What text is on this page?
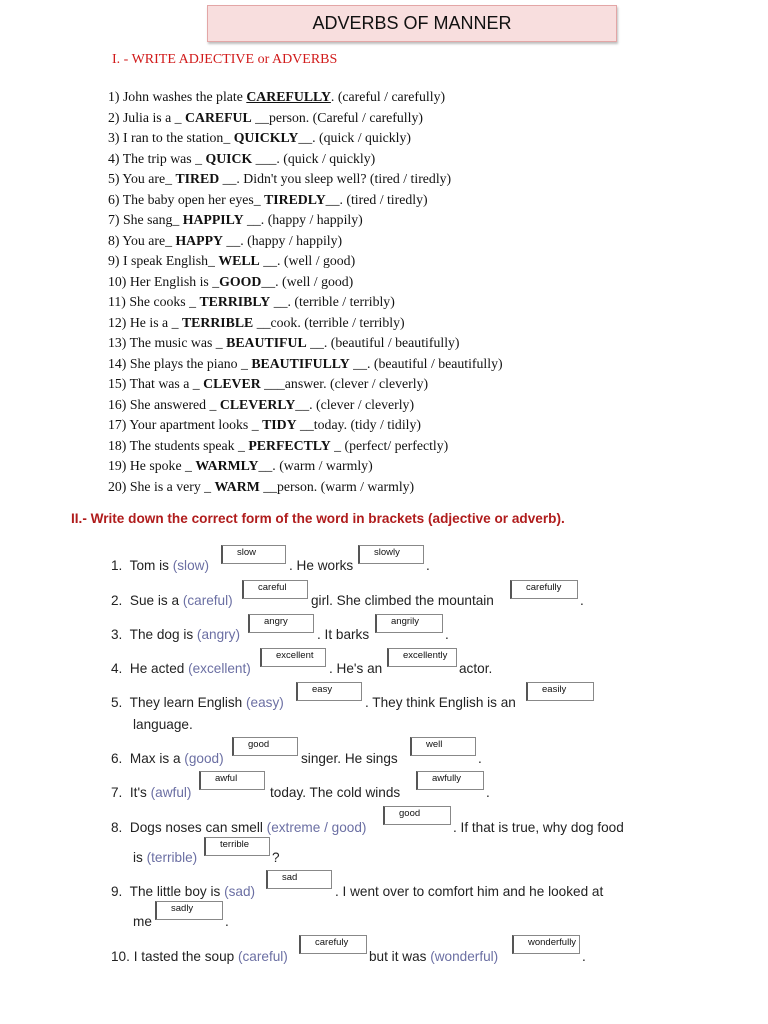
ADVERBS OF MANNER
I. - WRITE ADJECTIVE or ADVERBS
1) John washes the plate CAREFULLY. (careful / carefully)
2) Julia is a _ CAREFUL __person. (Careful / carefully)
3) I ran to the station_ QUICKLY__. (quick / quickly)
4) The trip was _ QUICK ___. (quick / quickly)
5) You are_ TIRED __. Didn't you sleep well? (tired / tiredly)
6) The baby open her eyes_ TIREDLY__. (tired / tiredly)
7) She sang_ HAPPILY __. (happy / happily)
8) You are_ HAPPY __. (happy / happily)
9) I speak English_ WELL __. (well / good)
10) Her English is _GOOD__. (well / good)
11) She cooks _ TERRIBLY __. (terrible / terribly)
12) He is a _ TERRIBLE __cook. (terrible / terribly)
13) The music was _ BEAUTIFUL __. (beautiful / beautifully)
14) She plays the piano _ BEAUTIFULLY __. (beautiful / beautifully)
15) That was a _ CLEVER ___answer. (clever / cleverly)
16) She answered _ CLEVERLY__. (clever / cleverly)
17) Your apartment looks _ TIDY __today. (tidy / tidily)
18) The students speak _ PERFECTLY _ (perfect/ perfectly)
19) He spoke _ WARMLY__. (warm / warmly)
20) She is a very _ WARM __person. (warm / warmly)
II.- Write down the correct form of the word in brackets (adjective or adverb).
1. Tom is (slow)
slow
. He works
slowly
.
2. Sue is a (careful)
careful
girl. She climbed the mountain
carefully
.
3. The dog is (angry)
angry
. It barks
angrily
.
4. He acted (excellent)
excellent
. He's an
excellently
actor.
5. They learn English (easy)
easy
. They think English is an
easily
language.
6. Max is a (good)
good
singer. He sings
well
.
7. It's (awful)
awful
today. The cold winds
awfully
.
8. Dogs noses can smell (extreme / good)
good
. If that is true, why dog food
is (terrible)
terrible
?
9. The little boy is (sad)
sad
. I went over to comfort him and he looked at
me
sadly
.
10. I tasted the soup (careful)
carefuly
but it was (wonderful)
wonderfully
.
